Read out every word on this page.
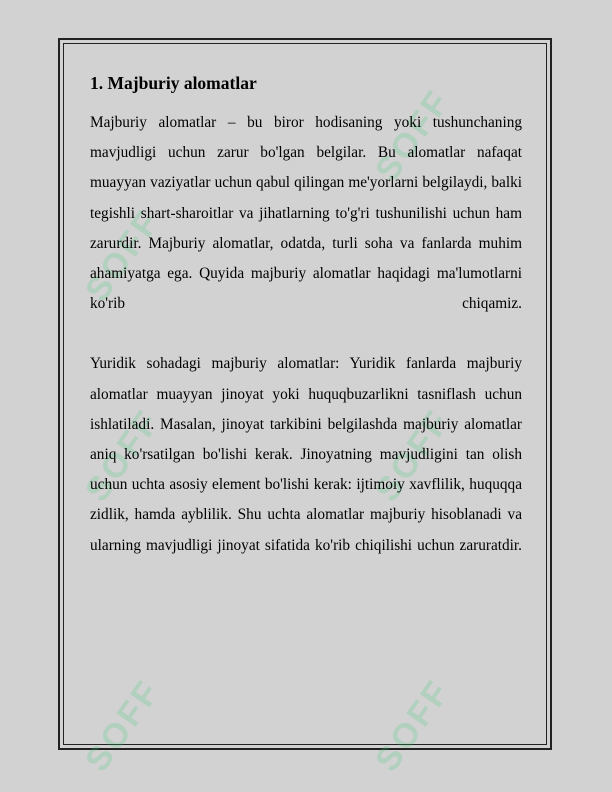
SOFF
SOFF
SOFF	SOFF
SOFF	SOFF
1. Majburiy alomatlar

Majburiy alomatlar – bu biror hodisaning yoki tushunchaning mavjudligi uchun zarur bo'lgan belgilar. Bu alomatlar nafaqat muayyan vaziyatlar uchun qabul qilingan me'yorlarni belgilaydi, balki tegishli shart-sharoitlar va jihatlarning to'g'ri tushunilishi uchun ham zarurdir. Majburiy alomatlar, odatda, turli soha va fanlarda muhim ahamiyatga ega. Quyida majburiy alomatlar haqidagi ma'lumotlarni ko'rib chiqamiz.

Yuridik sohadagi majburiy alomatlar: Yuridik fanlarda majburiy alomatlar muayyan jinoyat yoki huquqbuzarlikni tasniflash uchun ishlatiladi. Masalan, jinoyat tarkibini belgilashda majburiy alomatlar aniq ko'rsatilgan bo'lishi kerak. Jinoyatning mavjudligini tan olish uchun uchta asosiy element bo'lishi kerak: ijtimoiy xavflilik, huquqqa zidlik, hamda ayblilik. Shu uchta alomatlar majburiy hisoblanadi va ularning mavjudligi jinoyat sifatida ko'rib chiqilishi uchun zaruratdir.
